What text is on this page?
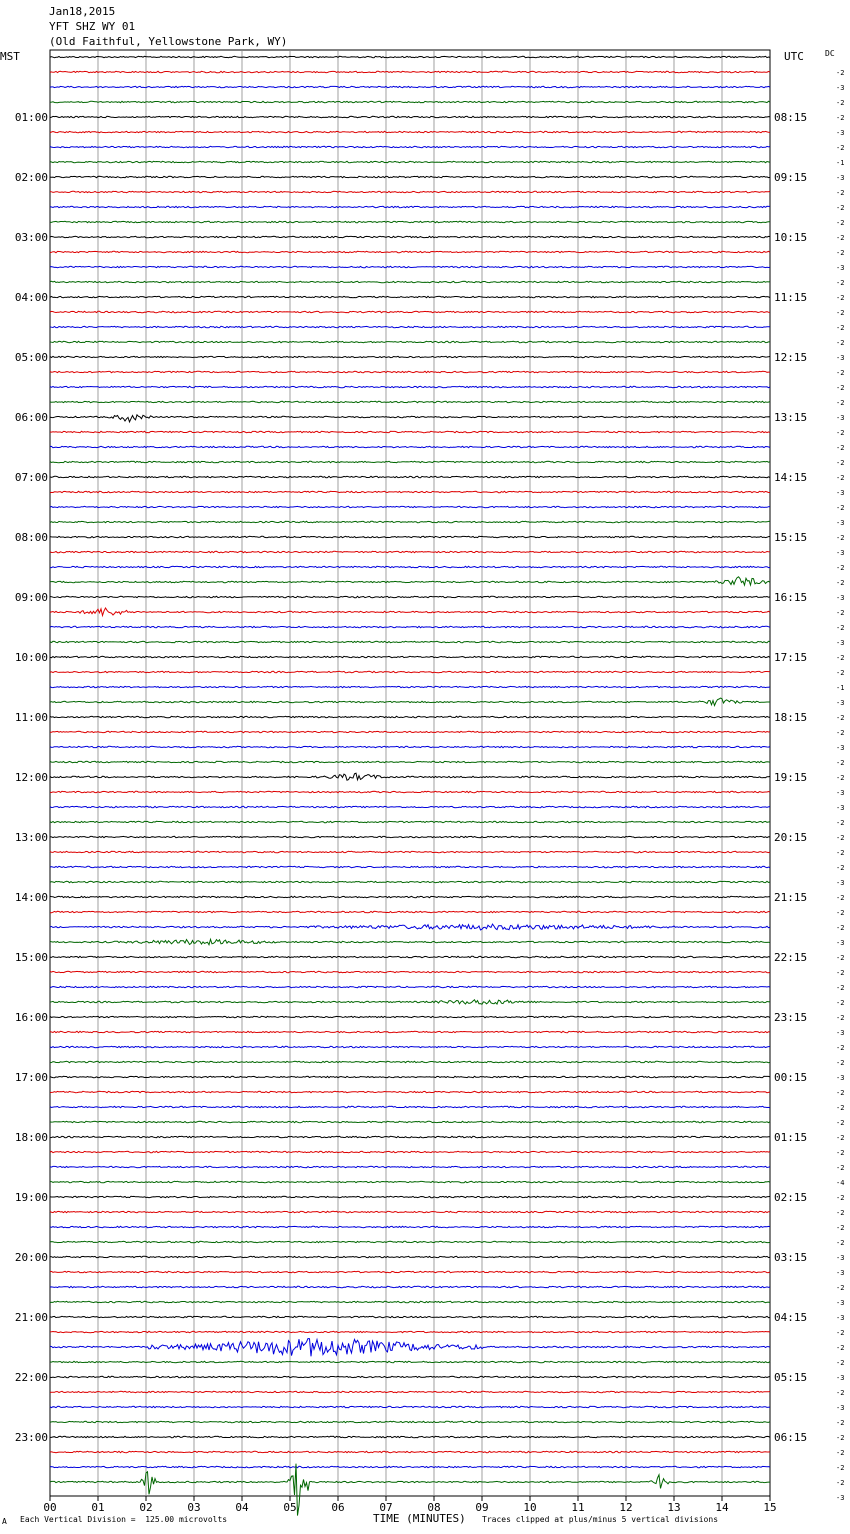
Jan18,2015
YFT SHZ WY 01
(Old Faithful, Yellowstone Park, WY)
MST	UTC	DC
01:00	08:15
02:00	09:15
03:00	10:15
04:00	11:15
05:00	12:15
06:00	13:15
07:00	14:15
08:00	15:15
09:00	16:15
10:00	17:15
11:00	18:15
12:00	19:15
13:00	20:15
14:00	21:15
15:00	22:15
16:00	23:15
17:00	00:15
18:00	01:15
19:00	02:15
20:00	03:15
21:00	04:15
22:00	05:15
23:00	06:15
-2
-3
-2
-2
-3
-2
-1
-3
-2
-2
-2
-2
-2
-3
-2
-2
-2
-2
-2
-3
-2
-2
-2
-3
-2
-2
-2
-2
-3
-2
-3
-2
-3
-2
-2
-3
-2
-2
-3
-2
-2
-1
-3
-2
-2
-3
-2
-2
-3
-3
-2
-2
-2
-2
-3
-2
-2
-2
-3
-2
-2
-2
-2
-2
-3
-2
-2
-3
-2
-2
-2
-2
-2
-2
-4
-2
-2
-2
-2
-3
-3
-2
-3
-3
-2
-2
-2
-3
-2
-3
-2
-2
-2
-2
-2
-3
00	01	02	03	04	05	06	07	08	09	10	11	12	13	14	15
A Each Vertical Division =  125.00 microvolts	TIME (MINUTES) Traces clipped at plus/minus 5 vertical divisions
